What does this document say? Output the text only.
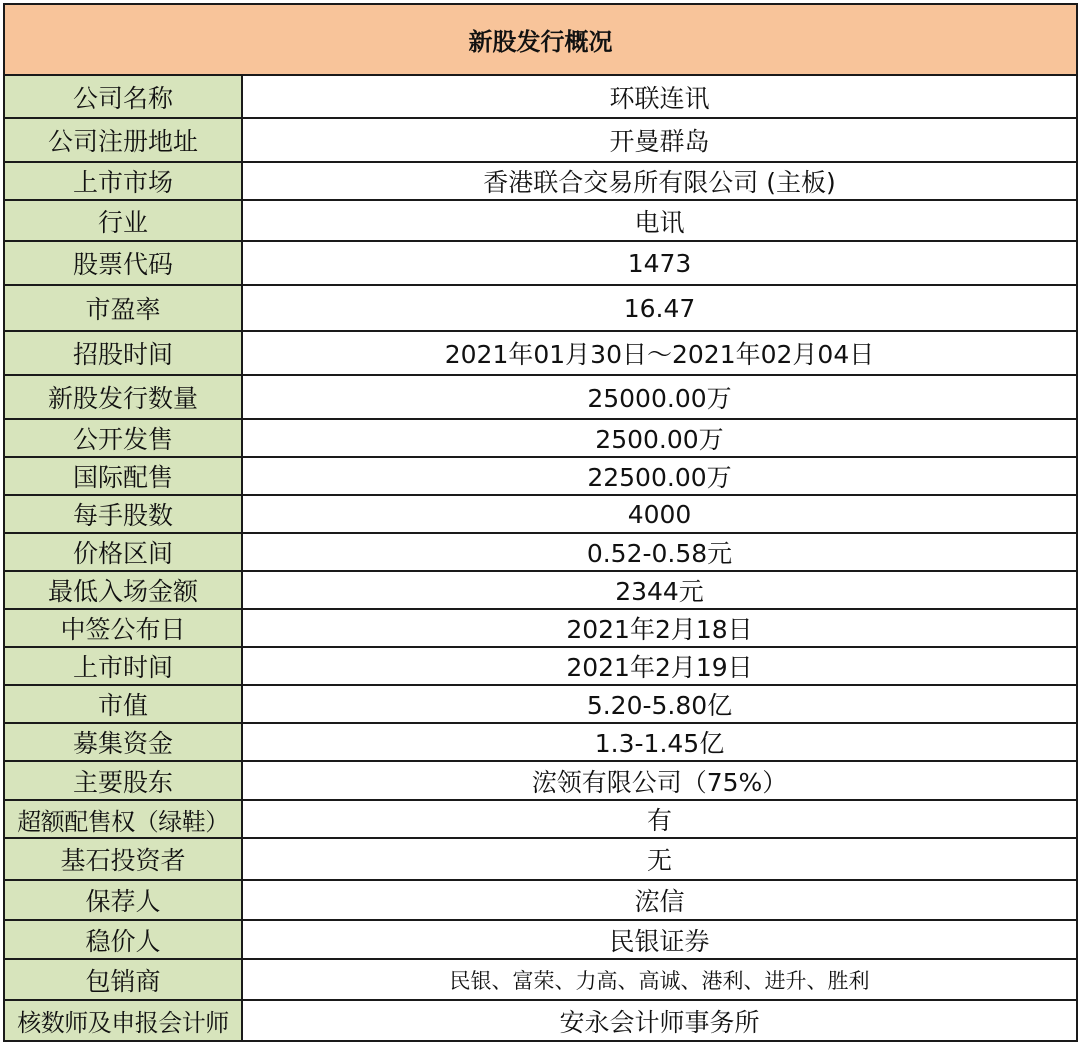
新股发行概况	
公司名称	环联连讯
公司注册地址	开曼群岛
上市市场	香港联合交易所有限公司 (主板)
行业	电讯
股票代码	1473
市盈率	16.47
招股时间	2021年01月30日～2021年02月04日
新股发行数量	25000.00万
公开发售	2500.00万
国际配售	22500.00万
每手股数	4000
价格区间	0.52-0.58元
最低入场金额	2344元
中签公布日	2021年2月18日
上市时间	2021年2月19日
市值	5.20-5.80亿
募集资金	1.3-1.45亿
主要股东	浤领有限公司（75%）
超额配售权（绿鞋）	有
基石投资者	无
保荐人	浤信
稳价人	民银证券
包销商	民银、富荣、力高、高诚、港利、进升、胜利
核数师及申报会计师	安永会计师事务所
